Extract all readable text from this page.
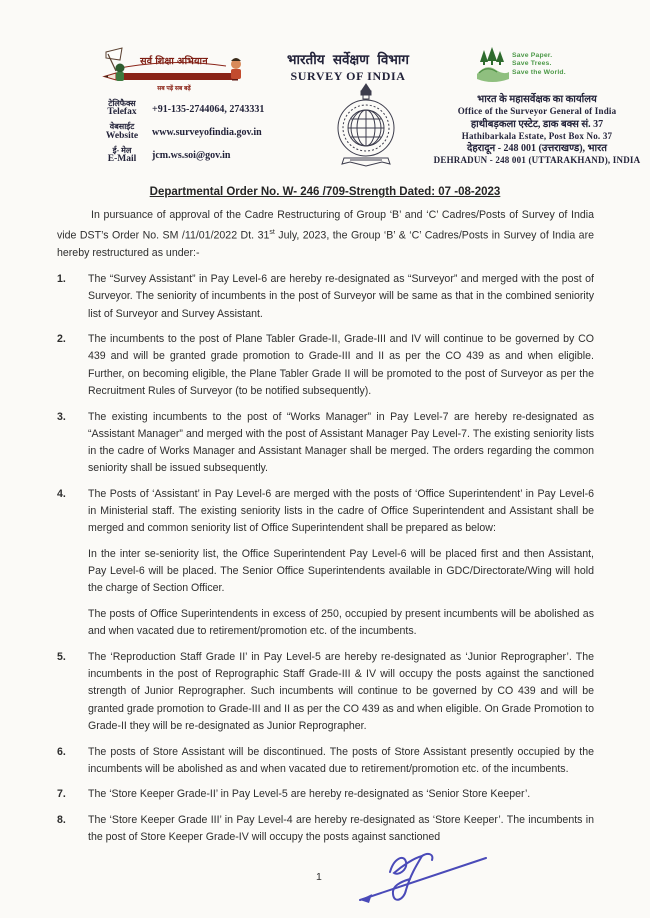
सर्व शिक्षा अभियान
सब पढ़ें सब बढ़ें
टेलिफैक्स
Telefax	+91-135-2744064, 2743331
वेबसाईट
Website	www.surveyofindia.gov.in
ई- मेल
E-Mail	jcm.ws.soi@gov.in
भारतीय सर्वेक्षण विभाग
SURVEY OF INDIA
Save Paper.
Save Trees.
Save the World.
भारत के महासर्वेक्षक का कार्यालय
Office of the Surveyor General of India
हाथीबड़कला एस्टेट, डाक बक्स सं. 37
Hathibarkala Estate, Post Box No. 37
देहरादून - 248 001 (उत्तराखण्ड), भारत
DEHRADUN - 248 001 (UTTARAKHAND), INDIA
Departmental Order No. W- 246 /709-Strength Dated: 07 -08-2023

In pursuance of approval of the Cadre Restructuring of Group ‘B’ and ‘C’ Cadres/Posts of Survey of India vide DST’s Order No. SM /11/01/2022 Dt. 31st July, 2023, the Group ‘B’ & ‘C’ Cadres/Posts in Survey of India are hereby restructured as under:-

1.	The “Survey Assistant” in Pay Level-6 are hereby re-designated as “Surveyor” and merged with the post of Surveyor. The seniority of incumbents in the post of Surveyor will be same as that in the combined seniority list of Surveyor and Survey Assistant.
2.	The incumbents to the post of Plane Tabler Grade-II, Grade-III and IV will continue to be governed by CO 439 and will be granted grade promotion to Grade-III and II as per the CO 439 as and when eligible. Further, on becoming eligible, the Plane Tabler Grade II will be promoted to the post of Surveyor as per the Recruitment Rules of Surveyor (to be notified subsequently).
3.	The existing incumbents to the post of “Works Manager” in Pay Level-7 are hereby re-designated as “Assistant Manager” and merged with the post of Assistant Manager Pay Level-7. The existing seniority lists in the cadre of Works Manager and Assistant Manager shall be merged. The orders regarding the common seniority shall be issued subsequently.
4.	The Posts of ‘Assistant’ in Pay Level-6 are merged with the posts of ‘Office Superintendent’ in Pay Level-6 in Ministerial staff. The existing seniority lists in the cadre of Office Superintendent and Assistant shall be merged and common seniority list of Office Superintendent shall be prepared as below:
In the inter se-seniority list, the Office Superintendent Pay Level-6 will be placed first and then Assistant, Pay Level-6 will be placed. The Senior Office Superintendents available in GDC/Directorate/Wing will hold the charge of Section Officer.
The posts of Office Superintendents in excess of 250, occupied by present incumbents will be abolished as and when vacated due to retirement/promotion etc. of the incumbents.
5.	The ‘Reproduction Staff Grade II’ in Pay Level-5 are hereby re-designated as ‘Junior Reprographer’. The incumbents in the post of Reprographic Staff Grade-III & IV will occupy the posts against the sanctioned strength of Junior Reprographer. Such incumbents will continue to be governed by CO 439 and will be granted grade promotion to Grade-III and II as per the CO 439 as and when eligible. On Grade Promotion to Grade-II they will be re-designated as Junior Reprographer.
6.	The posts of Store Assistant will be discontinued. The posts of Store Assistant presently occupied by the incumbents will be abolished as and when vacated due to retirement/promotion etc. of the incumbents.
7.	The ‘Store Keeper Grade-II’ in Pay Level-5 are hereby re-designated as ‘Senior Store Keeper’.
8.	The ‘Store Keeper Grade III’ in Pay Level-4 are hereby re-designated as ‘Store Keeper’. The incumbents in the post of Store Keeper Grade-IV will occupy the posts against sanctioned
1
